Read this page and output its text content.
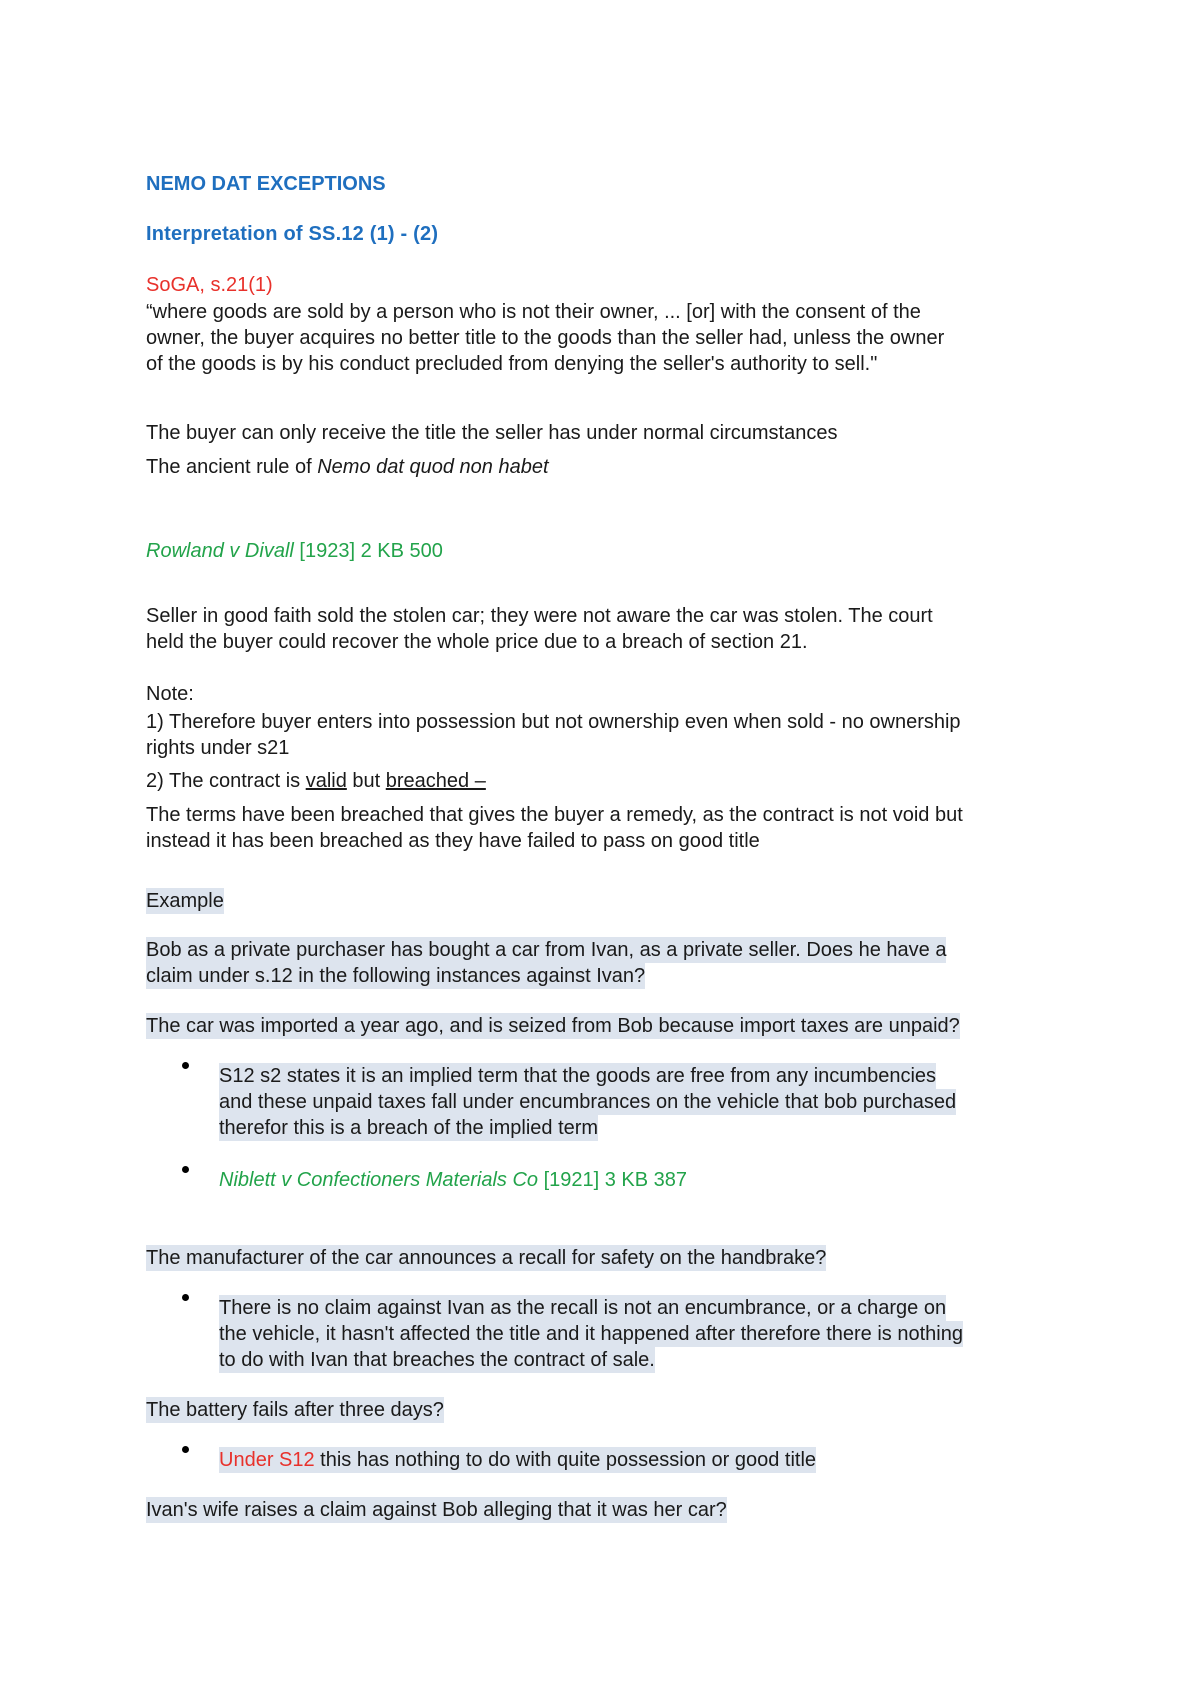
NEMO DAT EXCEPTIONS
Interpretation of SS.12 (1) - (2)
SoGA, s.21(1)
“where goods are sold by a person who is not their owner, ... [or] with the consent of the
owner, the buyer acquires no better title to the goods than the seller had, unless the owner
of the goods is by his conduct precluded from denying the seller's authority to sell."
The buyer can only receive the title the seller has under normal circumstances
The ancient rule of Nemo dat quod non habet
Rowland v Divall [1923] 2 KB 500
Seller in good faith sold the stolen car; they were not aware the car was stolen. The court
held the buyer could recover the whole price due to a breach of section 21.
Note:
1) Therefore buyer enters into possession but not ownership even when sold - no ownership
rights under s21
2) The contract is valid but breached –
The terms have been breached that gives the buyer a remedy, as the contract is not void but
instead it has been breached as they have failed to pass on good title
Example
Bob as a private purchaser has bought a car from Ivan, as a private seller. Does he have a
claim under s.12 in the following instances against Ivan?
The car was imported a year ago, and is seized from Bob because import taxes are unpaid?
S12 s2 states it is an implied term that the goods are free from any incumbencies
and these unpaid taxes fall under encumbrances on the vehicle that bob purchased
therefor this is a breach of the implied term
Niblett v Confectioners Materials Co [1921] 3 KB 387
The manufacturer of the car announces a recall for safety on the handbrake?
There is no claim against Ivan as the recall is not an encumbrance, or a charge on
the vehicle, it hasn't affected the title and it happened after therefore there is nothing
to do with Ivan that breaches the contract of sale.
The battery fails after three days?
Under S12 this has nothing to do with quite possession or good title
Ivan's wife raises a claim against Bob alleging that it was her car?
